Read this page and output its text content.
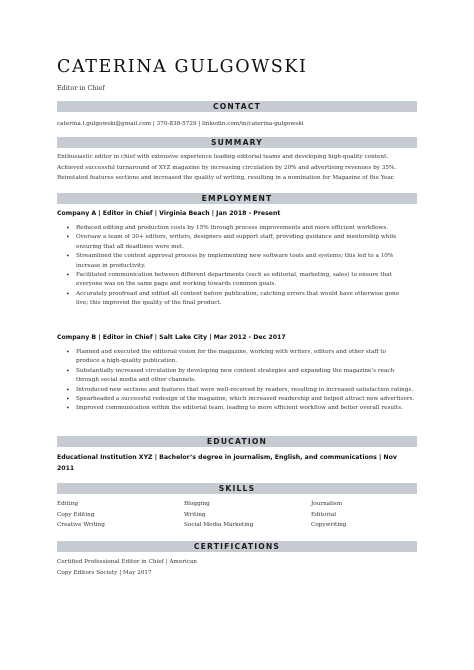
CATERINA GULGOWSKI
Editor in Chief
CONTACT
caterina.l.gulgowski@gmail.com | 370-838-5729 | linkedin.com/in/caterina-gulgowski
SUMMARY
Enthusiastic editor in chief with extensive experience leading editorial teams and developing high-quality content.
Achieved successful turnaround of XYZ magazine by increasing circulation by 20% and advertising revenues by 35%.
Reinstated features sections and increased the quality of writing, resulting in a nomination for Magazine of the Year.
EMPLOYMENT
Company A | Editor in Chief | Virginia Beach | Jan 2018 - Present
• Reduced editing and production costs by 15% through process improvements and more efficient workflows.
• Oversaw a team of 30+ editors, writers, designers and support staff, providing guidance and mentorship while
ensuring that all deadlines were met.
• Streamlined the content approval process by implementing new software tools and systems; this led to a 10%
increase in productivity.
• Facilitated communication between different departments (such as editorial, marketing, sales) to ensure that
everyone was on the same page and working towards common goals.
• Accurately proofread and edited all content before publication, catching errors that would have otherwise gone
live; this improved the quality of the final product.
Company B | Editor in Chief | Salt Lake City | Mar 2012 - Dec 2017
• Planned and executed the editorial vision for the magazine, working with writers, editors and other staff to
produce a high-quality publication.
• Substantially increased circulation by developing new content strategies and expanding the magazine’s reach
through social media and other channels.
• Introduced new sections and features that were well-received by readers, resulting in increased satisfaction ratings.
• Spearheaded a successful redesign of the magazine, which increased readership and helped attract new advertisers.
• Improved communication within the editorial team, leading to more efficient workflow and better overall results.
EDUCATION
Educational Institution XYZ | Bachelor’s degree in journalism, English, and communications | Nov
2011
SKILLS
Editing
Copy Editing
Creative Writing
Blogging
Writing
Social Media Marketing
Journalism
Editorial
Copywriting
CERTIFICATIONS
Certified Professional Editor in Chief | American
Copy Editors Society | May 2017
